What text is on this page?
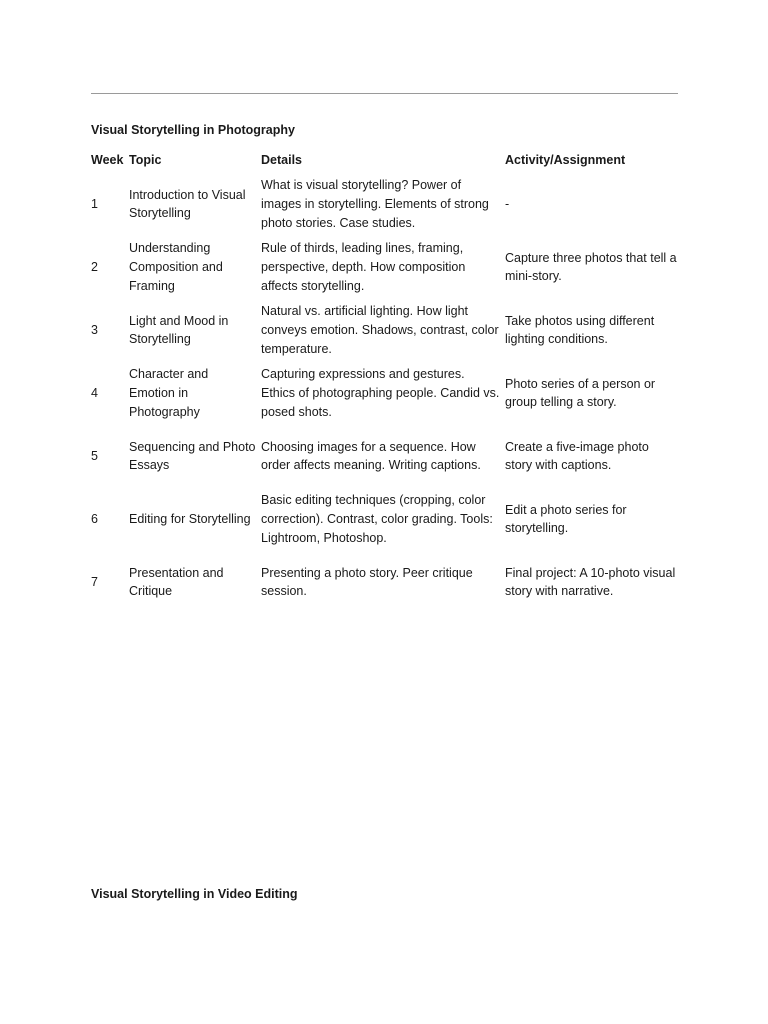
Visual Storytelling in Photography
Week	Topic	Details	Activity/Assignment
1	Introduction to Visual Storytelling	What is visual storytelling? Power of images in storytelling. Elements of strong photo stories. Case studies.	-
2	Understanding Composition and Framing	Rule of thirds, leading lines, framing, perspective, depth. How composition affects storytelling.	Capture three photos that tell a mini-story.
3	Light and Mood in Storytelling	Natural vs. artificial lighting. How light conveys emotion. Shadows, contrast, color temperature.	Take photos using different lighting conditions.
4	Character and Emotion in Photography	Capturing expressions and gestures. Ethics of photographing people. Candid vs. posed shots.	Photo series of a person or group telling a story.
5	Sequencing and Photo Essays	Choosing images for a sequence. How order affects meaning. Writing captions.	Create a five-image photo story with captions.
6	Editing for Storytelling	Basic editing techniques (cropping, color correction). Contrast, color grading. Tools: Lightroom, Photoshop.	Edit a photo series for storytelling.
7	Presentation and Critique	Presenting a photo story. Peer critique session.	Final project: A 10-photo visual story with narrative.
Visual Storytelling in Video Editing
